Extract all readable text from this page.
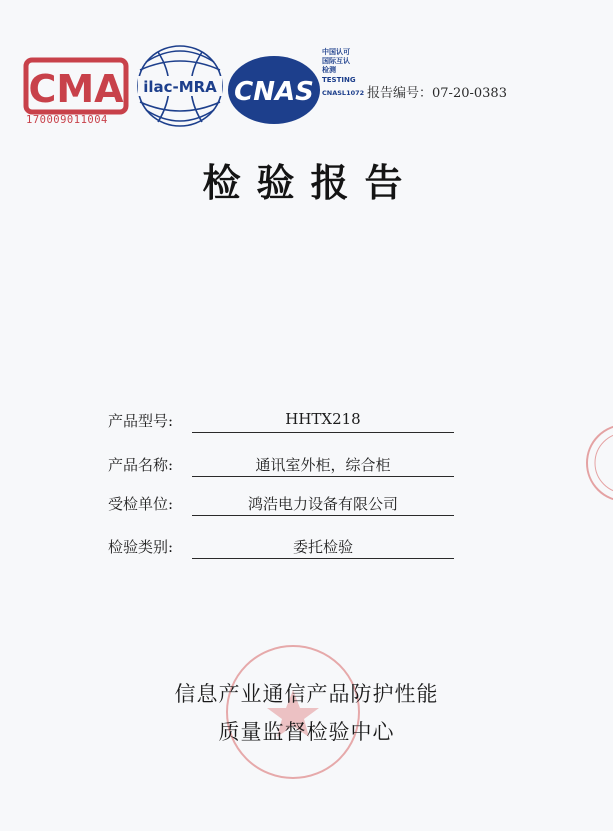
CMA
170009011004
ilac-MRA CNAS
中国认可
国际互认
检测
TESTING
CNASL1072 报告编号：07-20-0383
检验报告
产品型号:	HHTX218
产品名称:	通讯室外柜，综合柜
受检单位:	鸿浩电力设备有限公司
检验类别:	委托检验
信息产业通信产品防护性能
质量监督检验中心
